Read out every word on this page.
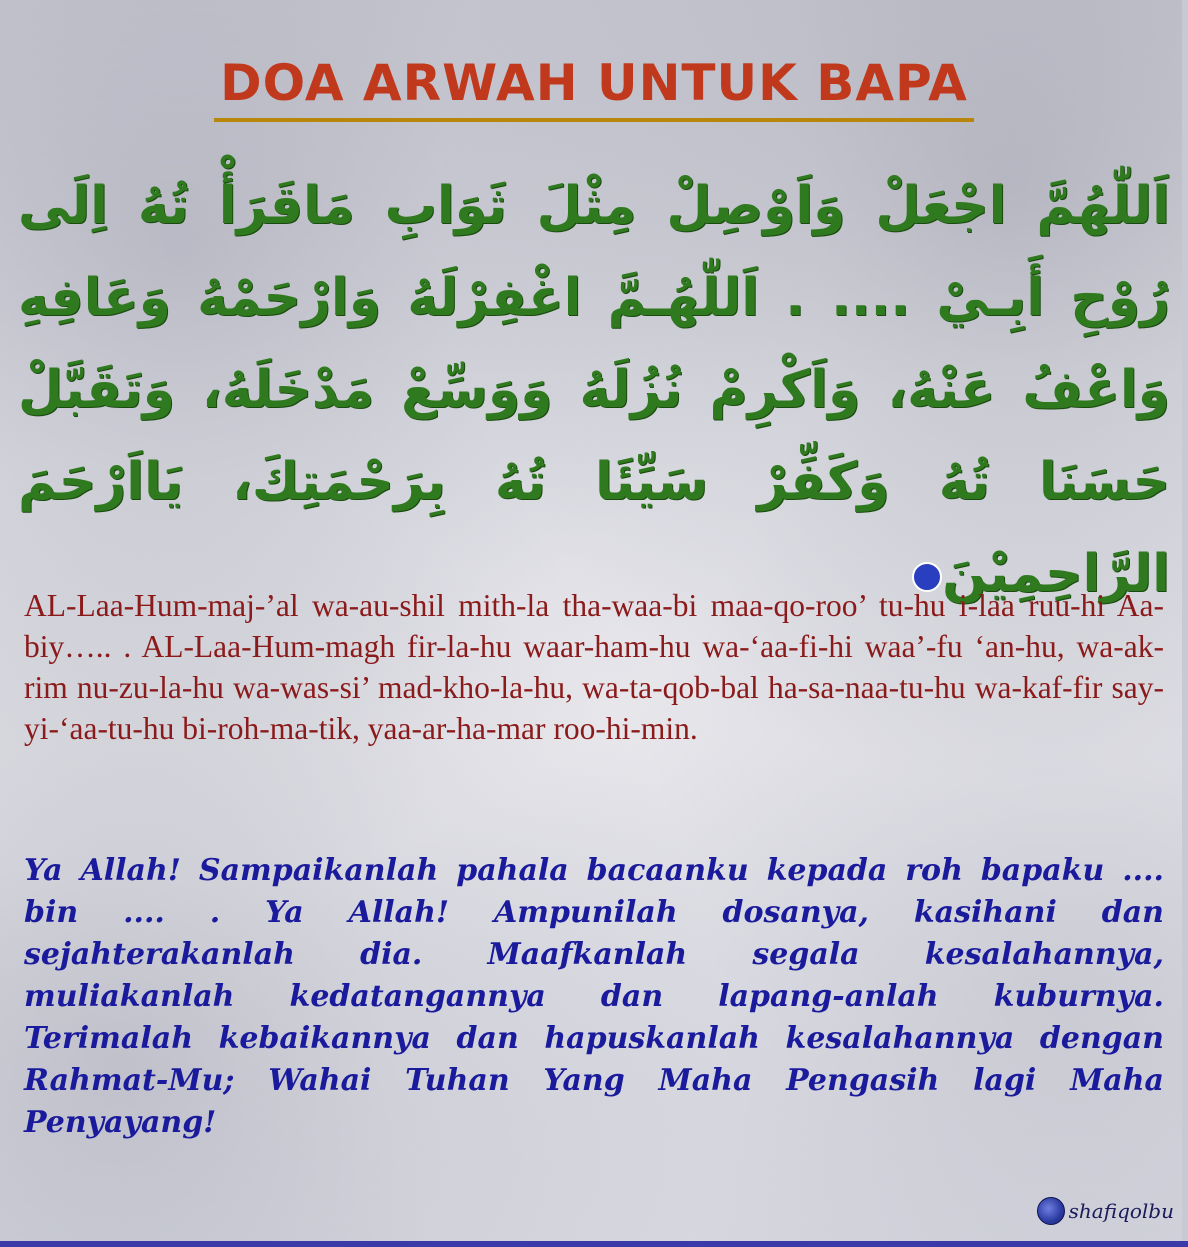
DOA ARWAH UNTUK BAPA
اَللّٰهُمَّ اجْعَلْ وَاَوْصِلْ مِثْلَ ثَوَابِ مَاقَرَأْ تُهُ اِلَى رُوْحِ أَبِـيْ .... . اَللّٰهُـمَّ اغْفِرْلَهُ وَارْحَمْهُ وَعَافِهِ وَاعْفُ عَنْهُ، وَاَكْرِمْ نُزُلَهُ وَوَسِّعْ مَدْخَلَهُ، وَتَقَبَّلْ حَسَنَا تُهُ وَكَفِّرْ سَيِّئَا تُهُ بِرَحْمَتِكَ، يَااَرْحَمَ الرَّاحِمِيْنَ
AL-Laa-Hum-maj-’al wa-au-shil mith-la tha-waa-bi maa-qo-roo’ tu-hu i-laa ruu-hi Aa-biy….. . AL-Laa-Hum-magh fir-la-hu waar-ham-hu wa-‘aa-fi-hi waa’-fu ‘an-hu, wa-ak-rim nu-zu-la-hu wa-was-si’ mad-kho-la-hu, wa-ta-qob-bal ha-sa-naa-tu-hu wa-kaf-fir say-yi-‘aa-tu-hu bi-roh-ma-tik, yaa-ar-ha-mar roo-hi-min.
Ya Allah! Sampaikanlah pahala bacaanku kepada roh bapaku .... bin .... . Ya Allah! Ampunilah dosanya, kasihani dan sejahterakanlah dia. Maafkanlah segala kesalahannya, muliakanlah kedatangannya dan lapang-anlah kuburnya. Terimalah kebaikannya dan hapuskanlah kesalahannya dengan Rahmat-Mu; Wahai Tuhan Yang Maha Pengasih lagi Maha Penyayang!
shafiqolbu
